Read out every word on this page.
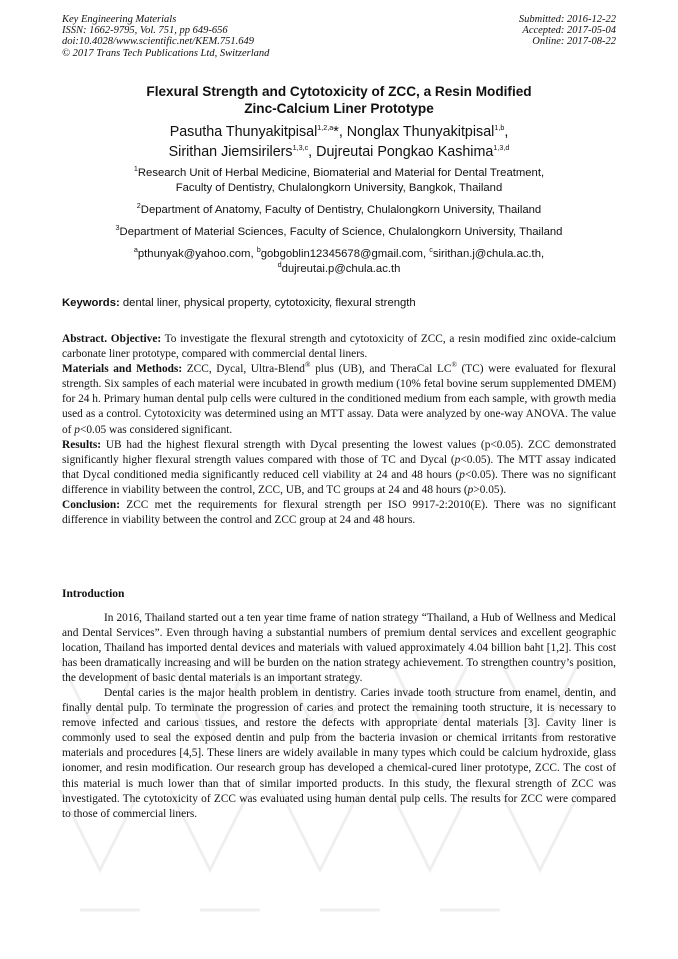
Key Engineering Materials
ISSN: 1662-9795, Vol. 751, pp 649-656
doi:10.4028/www.scientific.net/KEM.751.649
© 2017 Trans Tech Publications Ltd, Switzerland
Submitted: 2016-12-22
Accepted: 2017-05-04
Online: 2017-08-22
Flexural Strength and Cytotoxicity of ZCC, a Resin Modified
Zinc-Calcium Liner Prototype
Pasutha Thunyakitpisal$^{1,2,a}$*, Nonglax Thunyakitpisal$^{1,b}$,
Sirithan Jiemsirilers$^{1,3,c}$, Dujreutai Pongkao Kashima$^{1,3,d}$

$^1$Research Unit of Herbal Medicine, Biomaterial and Material for Dental Treatment,
Faculty of Dentistry, Chulalongkorn University, Bangkok, Thailand

$^2$Department of Anatomy, Faculty of Dentistry, Chulalongkorn University, Thailand

$^3$Department of Material Sciences, Faculty of Science, Chulalongkorn University, Thailand

$^a$pthunyak@yahoo.com, $^b$gobgoblin12345678@gmail.com, $^c$sirithan.j@chula.ac.th,
$^d$dujreutai.p@chula.ac.th

Keywords: dental liner, physical property, cytotoxicity, flexural strength

Abstract. Objective: To investigate the flexural strength and cytotoxicity of ZCC, a resin modified zinc oxide-calcium carbonate liner prototype, compared with commercial dental liners.

Materials and Methods: ZCC, Dycal, Ultra-Blend® plus (UB), and TheraCal LC® (TC) were evaluated for flexural strength. Six samples of each material were incubated in growth medium (10% fetal bovine serum supplemented DMEM) for 24 h. Primary human dental pulp cells were cultured in the conditioned medium from each sample, with growth media used as a control. Cytotoxicity was determined using an MTT assay. Data were analyzed by one-way ANOVA. The value of p<0.05 was considered significant.

Results: UB had the highest flexural strength with Dycal presenting the lowest values (p<0.05). ZCC demonstrated significantly higher flexural strength values compared with those of TC and Dycal (p<0.05). The MTT assay indicated that Dycal conditioned media significantly reduced cell viability at 24 and 48 hours (p<0.05). There was no significant difference in viability between the control, ZCC, UB, and TC groups at 24 and 48 hours (p>0.05).

Conclusion: ZCC met the requirements for flexural strength per ISO 9917-2:2010(E). There was no significant difference in viability between the control and ZCC group at 24 and 48 hours.

Introduction

In 2016, Thailand started out a ten year time frame of nation strategy “Thailand, a Hub of Wellness and Medical and Dental Services”. Even through having a substantial numbers of premium dental services and excellent geographic location, Thailand has imported dental devices and materials with valued approximately 4.04 billion baht [1,2]. This cost has been dramatically increasing and will be burden on the nation strategy achievement. To strengthen country’s position, the development of basic dental materials is an important strategy.

Dental caries is the major health problem in dentistry. Caries invade tooth structure from enamel, dentin, and finally dental pulp. To terminate the progression of caries and protect the remaining tooth structure, it is necessary to remove infected and carious tissues, and restore the defects with appropriate dental materials [3]. Cavity liner is commonly used to seal the exposed dentin and pulp from the bacteria invasion or chemical irritants from restorative materials and procedures [4,5]. These liners are widely available in many types which could be calcium hydroxide, glass ionomer, and resin modification. Our research group has developed a chemical-cured liner prototype, ZCC. The cost of this material is much lower than that of similar imported products. In this study, the flexural strength of ZCC was investigated. The cytotoxicity of ZCC was evaluated using human dental pulp cells. The results for ZCC were compared to those of commercial liners.
